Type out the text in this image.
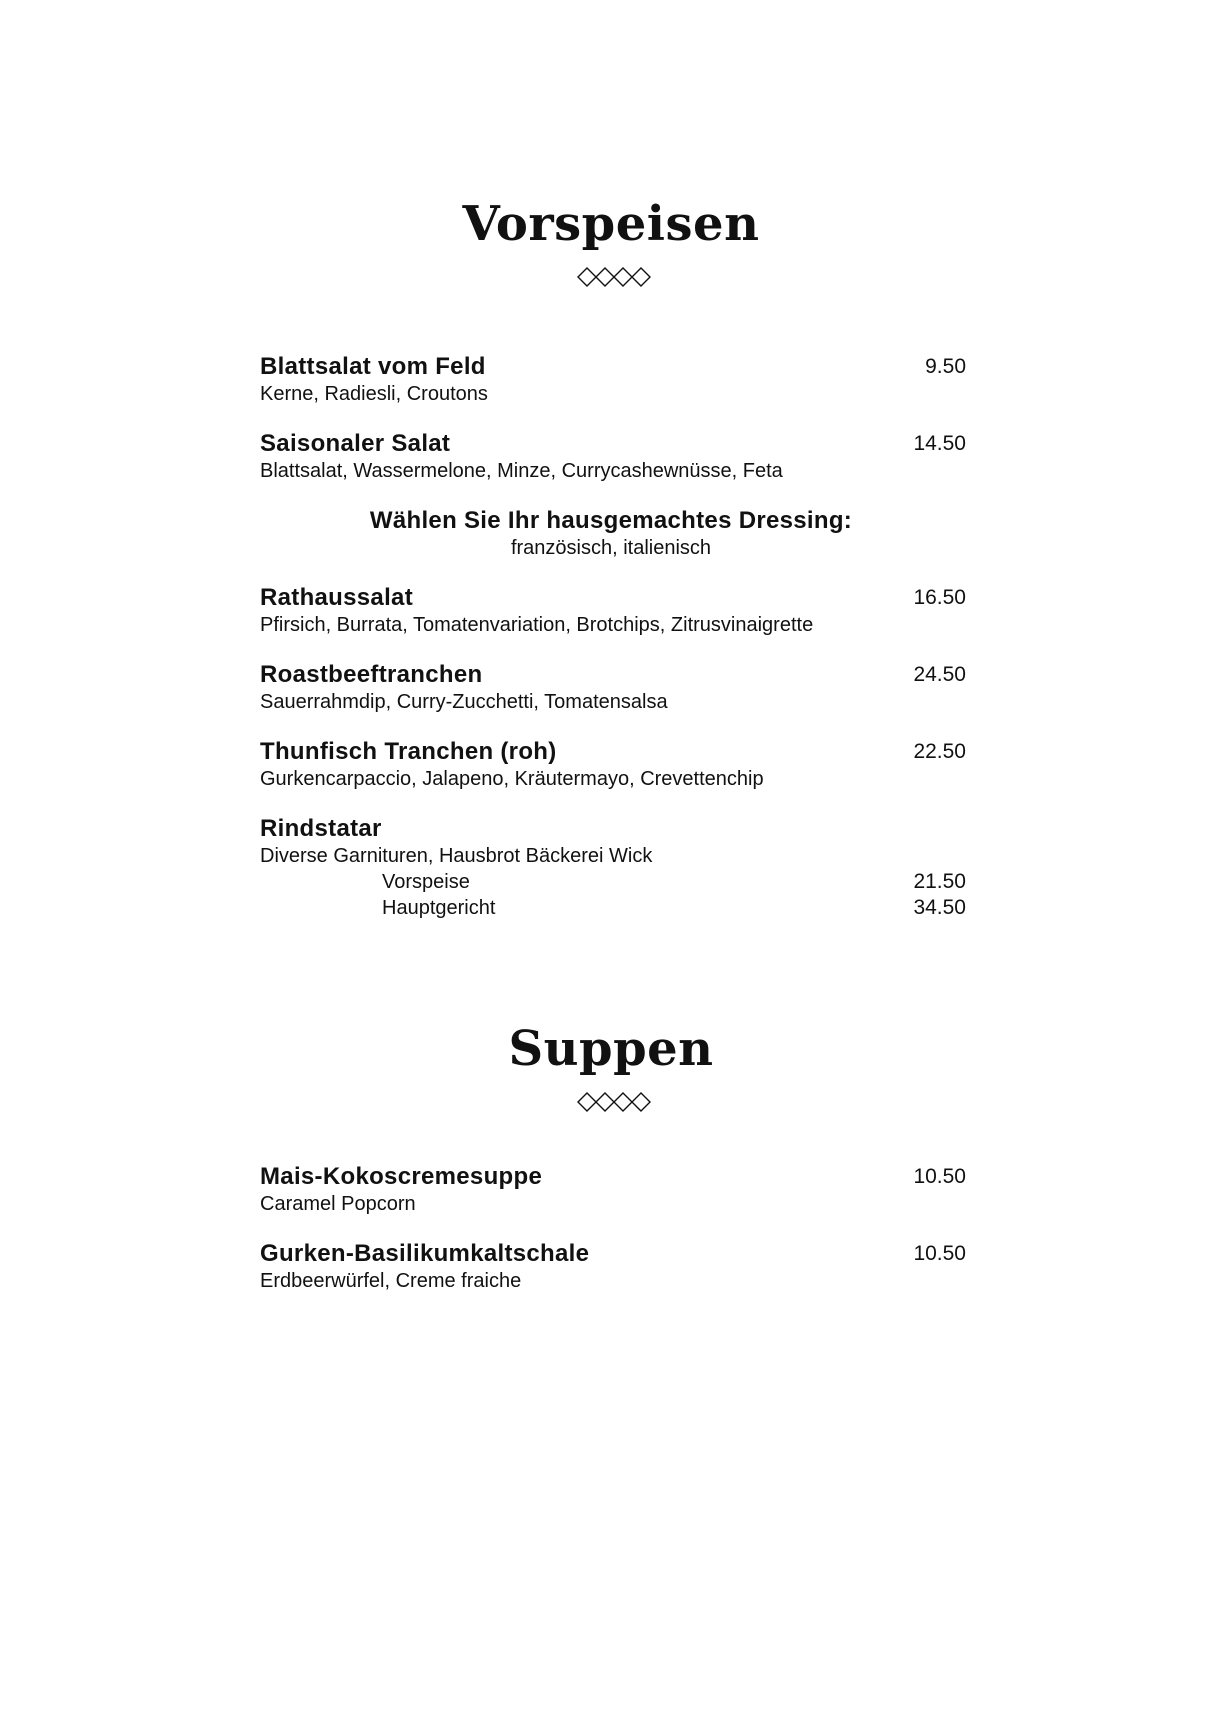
Vorspeisen
Blattsalat vom Feld
Kerne, Radiesli, Croutons
9.50
Saisonaler Salat
Blattsalat, Wassermelone, Minze, Currycashewnüsse, Feta
14.50
Wählen Sie Ihr hausgemachtes Dressing:
französisch, italienisch
Rathaussalat
Pfirsich, Burrata, Tomatenvariation, Brotchips, Zitrusvinaigrette
16.50
Roastbeeftranchen
Sauerrahmdip, Curry-Zucchetti, Tomatensalsa
24.50
Thunfisch Tranchen (roh)
Gurkencarpaccio, Jalapeno, Kräutermayo, Crevettenchip
22.50
Rindstatar
Diverse Garnituren, Hausbrot Bäckerei Wick
Vorspeise	21.50
Hauptgericht	34.50
Suppen
Mais-Kokoscremesuppe
Caramel Popcorn
10.50
Gurken-Basilikumkaltschale
Erdbeerwürfel, Creme fraiche
10.50
